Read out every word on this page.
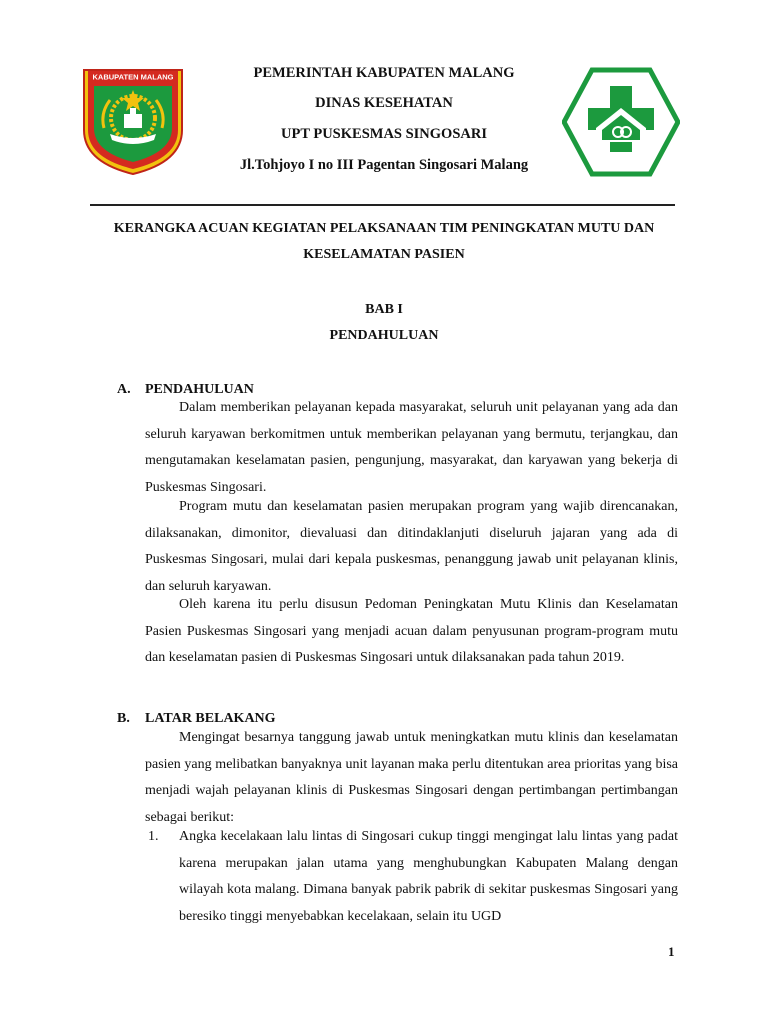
KABUPATEN MALANG	PEMERINTAH KABUPATEN MALANG
DINAS KESEHATAN
UPT PUSKESMAS SINGOSARI
Jl.Tohjoyo I no III Pagentan Singosari Malang
KERANGKA ACUAN KEGIATAN PELAKSANAAN TIM PENINGKATAN MUTU DAN
KESELAMATAN PASIEN
BAB I
PENDAHULUAN
A. PENDAHULUAN

Dalam memberikan pelayanan kepada masyarakat, seluruh unit pelayanan yang ada dan seluruh karyawan berkomitmen untuk memberikan pelayanan yang bermutu, terjangkau, dan mengutamakan keselamatan pasien, pengunjung, masyarakat, dan karyawan yang bekerja di Puskesmas Singosari.

Program mutu dan keselamatan pasien merupakan program yang wajib direncanakan, dilaksanakan, dimonitor, dievaluasi dan ditindaklanjuti diseluruh jajaran yang ada di Puskesmas Singosari, mulai dari kepala puskesmas, penanggung jawab unit pelayanan klinis, dan seluruh karyawan.

Oleh karena itu perlu disusun Pedoman Peningkatan Mutu Klinis dan Keselamatan Pasien Puskesmas Singosari yang menjadi acuan dalam penyusunan program-program mutu dan keselamatan pasien di Puskesmas Singosari untuk dilaksanakan pada tahun 2019.

B. LATAR BELAKANG

Mengingat besarnya tanggung jawab untuk meningkatkan mutu klinis dan keselamatan pasien yang melibatkan banyaknya unit layanan maka perlu ditentukan area prioritas yang bisa menjadi wajah pelayanan klinis di Puskesmas Singosari dengan pertimbangan pertimbangan sebagai berikut:

1. Angka kecelakaan lalu lintas di Singosari cukup tinggi mengingat lalu lintas yang padat karena merupakan jalan utama yang menghubungkan Kabupaten Malang dengan wilayah kota malang. Dimana banyak pabrik pabrik di sekitar puskesmas Singosari yang beresiko tinggi menyebabkan kecelakaan, selain itu UGD
1
